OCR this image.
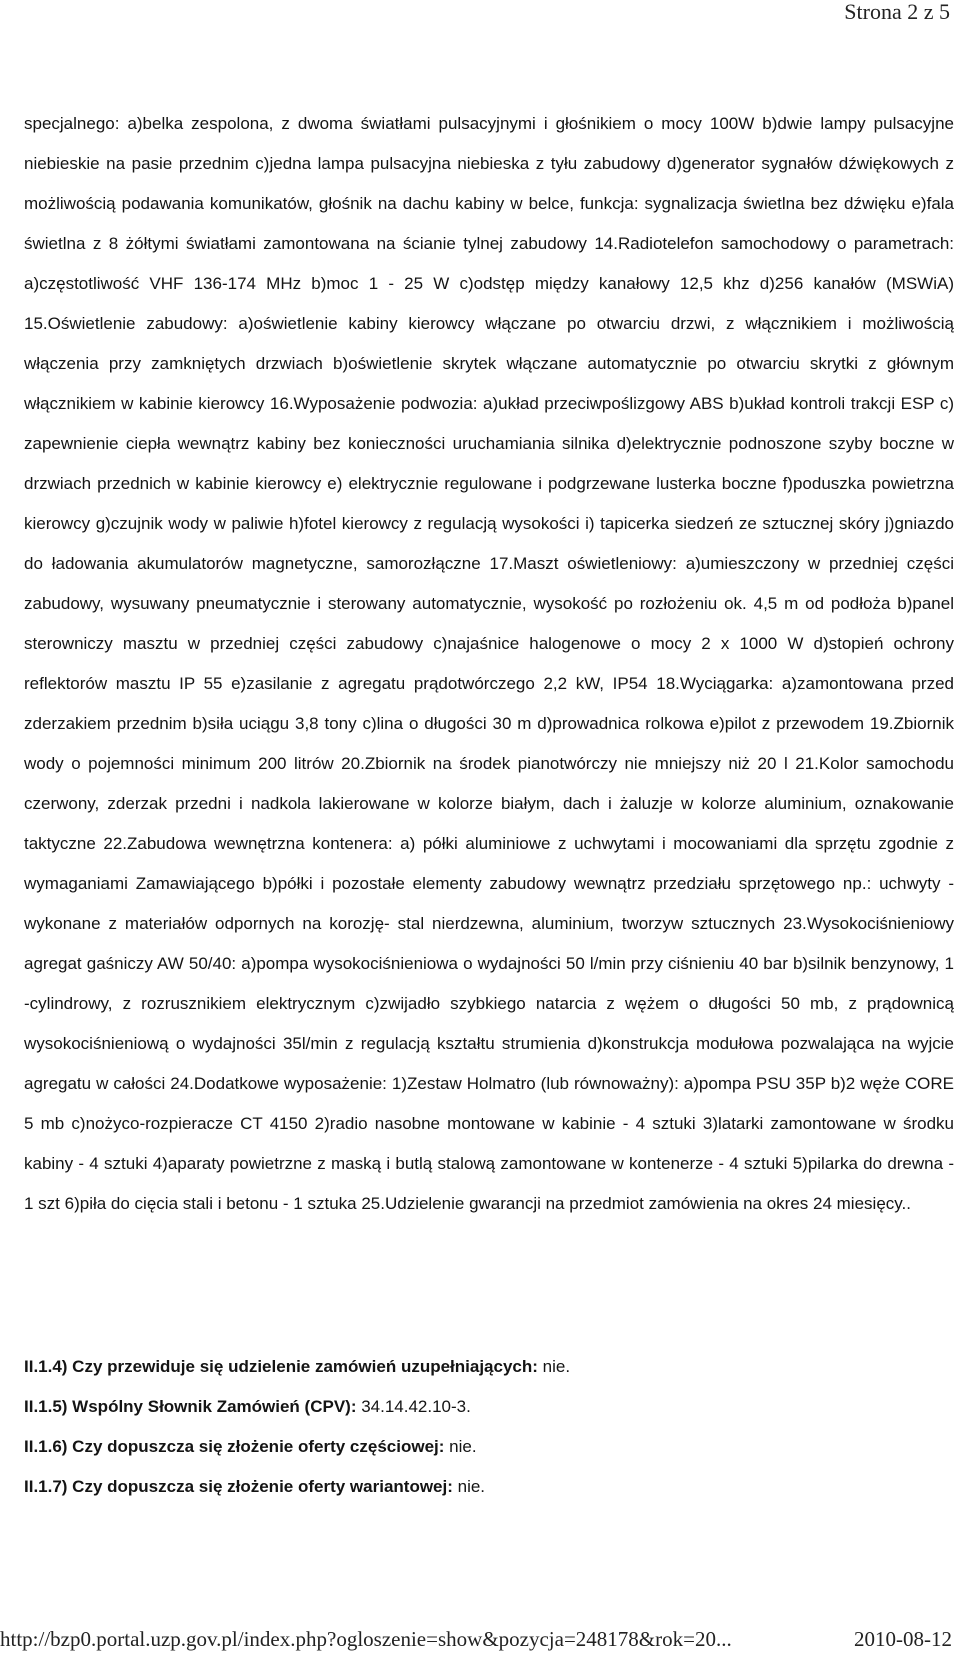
Strona 2 z 5
specjalnego: a)belka zespolona, z dwoma światłami pulsacyjnymi i głośnikiem o mocy 100W b)dwie lampy pulsacyjne niebieskie na pasie przednim c)jedna lampa pulsacyjna niebieska z tyłu zabudowy d)generator sygnałów dźwiękowych z możliwością podawania komunikatów, głośnik na dachu kabiny w belce, funkcja: sygnalizacja świetlna bez dźwięku e)fala świetlna z 8 żółtymi światłami zamontowana na ścianie tylnej zabudowy 14.Radiotelefon samochodowy o parametrach: a)częstotliwość VHF 136-174 MHz b)moc 1 - 25 W c)odstęp między kanałowy 12,5 khz d)256 kanałów (MSWiA) 15.Oświetlenie zabudowy: a)oświetlenie kabiny kierowcy włączane po otwarciu drzwi, z włącznikiem i możliwością włączenia przy zamkniętych drzwiach b)oświetlenie skrytek włączane automatycznie po otwarciu skrytki z głównym włącznikiem w kabinie kierowcy 16.Wyposażenie podwozia: a)układ przeciwpoślizgowy ABS b)układ kontroli trakcji ESP c) zapewnienie ciepła wewnątrz kabiny bez konieczności uruchamiania silnika d)elektrycznie podnoszone szyby boczne w drzwiach przednich w kabinie kierowcy e) elektrycznie regulowane i podgrzewane lusterka boczne f)poduszka powietrzna kierowcy g)czujnik wody w paliwie h)fotel kierowcy z regulacją wysokości i) tapicerka siedzeń ze sztucznej skóry j)gniazdo do ładowania akumulatorów magnetyczne, samorozłączne 17.Maszt oświetleniowy: a)umieszczony w przedniej części zabudowy, wysuwany pneumatycznie i sterowany automatycznie, wysokość po rozłożeniu ok. 4,5 m od podłoża b)panel sterowniczy masztu w przedniej części zabudowy c)najaśnice halogenowe o mocy 2 x 1000 W d)stopień ochrony reflektorów masztu IP 55 e)zasilanie z agregatu prądotwórczego 2,2 kW, IP54 18.Wyciągarka: a)zamontowana przed zderzakiem przednim b)siła uciągu 3,8 tony c)lina o długości 30 m d)prowadnica rolkowa e)pilot z przewodem 19.Zbiornik wody o pojemności minimum 200 litrów 20.Zbiornik na środek pianotwórczy nie mniejszy niż 20 l 21.Kolor samochodu czerwony, zderzak przedni i nadkola lakierowane w kolorze białym, dach i żaluzje w kolorze aluminium, oznakowanie taktyczne 22.Zabudowa wewnętrzna kontenera: a) półki aluminiowe z uchwytami i mocowaniami dla sprzętu zgodnie z wymaganiami Zamawiającego b)półki i pozostałe elementy zabudowy wewnątrz przedziału sprzętowego np.: uchwyty - wykonane z materiałów odpornych na korozję- stal nierdzewna, aluminium, tworzyw sztucznych 23.Wysokociśnieniowy agregat gaśniczy AW 50/40: a)pompa wysokociśnieniowa o wydajności 50 l/min przy ciśnieniu 40 bar b)silnik benzynowy, 1 -cylindrowy, z rozrusznikiem elektrycznym c)zwijadło szybkiego natarcia z wężem o długości 50 mb, z prądownicą wysokociśnieniową o wydajności 35l/min z regulacją kształtu strumienia d)konstrukcja modułowa pozwalająca na wyjcie agregatu w całości 24.Dodatkowe wyposażenie: 1)Zestaw Holmatro (lub równoważny): a)pompa PSU 35P b)2 węże CORE 5 mb c)nożyco-rozpieracze CT 4150 2)radio nasobne montowane w kabinie - 4 sztuki 3)latarki zamontowane w środku kabiny - 4 sztuki 4)aparaty powietrzne z maską i butlą stalową zamontowane w kontenerze - 4 sztuki 5)pilarka do drewna - 1 szt 6)piła do cięcia stali i betonu - 1 sztuka 25.Udzielenie gwarancji na przedmiot zamówienia na okres 24 miesięcy..
II.1.4) Czy przewiduje się udzielenie zamówień uzupełniających: nie.
II.1.5) Wspólny Słownik Zamówień (CPV): 34.14.42.10-3.
II.1.6) Czy dopuszcza się złożenie oferty częściowej: nie.
II.1.7) Czy dopuszcza się złożenie oferty wariantowej: nie.
http://bzp0.portal.uzp.gov.pl/index.php?ogloszenie=show&pozycja=248178&rok=20...	2010-08-12
